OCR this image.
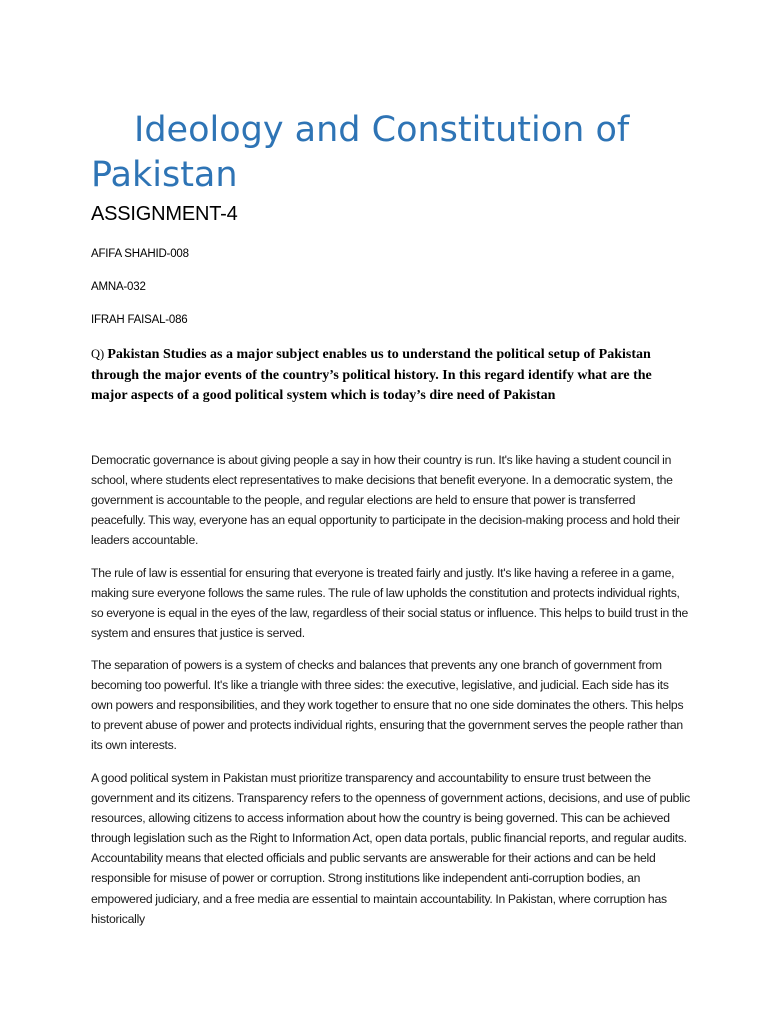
Ideology and Constitution of Pakistan

ASSIGNMENT-4

AFIFA SHAHID-008

AMNA-032

IFRAH FAISAL-086

Q) Pakistan Studies as a major subject enables us to understand the political setup of Pakistan through the major events of the country’s political history. In this regard identify what are the major aspects of a good political system which is today’s dire need of Pakistan

Democratic governance is about giving people a say in how their country is run. It's like having a student council in school, where students elect representatives to make decisions that benefit everyone. In a democratic system, the government is accountable to the people, and regular elections are held to ensure that power is transferred peacefully. This way, everyone has an equal opportunity to participate in the decision-making process and hold their leaders accountable.

The rule of law is essential for ensuring that everyone is treated fairly and justly. It's like having a referee in a game, making sure everyone follows the same rules. The rule of law upholds the constitution and protects individual rights, so everyone is equal in the eyes of the law, regardless of their social status or influence. This helps to build trust in the system and ensures that justice is served.

The separation of powers is a system of checks and balances that prevents any one branch of government from becoming too powerful. It's like a triangle with three sides: the executive, legislative, and judicial. Each side has its own powers and responsibilities, and they work together to ensure that no one side dominates the others. This helps to prevent abuse of power and protects individual rights, ensuring that the government serves the people rather than its own interests.

A good political system in Pakistan must prioritize transparency and accountability to ensure trust between the government and its citizens. Transparency refers to the openness of government actions, decisions, and use of public resources, allowing citizens to access information about how the country is being governed. This can be achieved through legislation such as the Right to Information Act, open data portals, public financial reports, and regular audits. Accountability means that elected officials and public servants are answerable for their actions and can be held responsible for misuse of power or corruption. Strong institutions like independent anti-corruption bodies, an empowered judiciary, and a free media are essential to maintain accountability. In Pakistan, where corruption has historically
